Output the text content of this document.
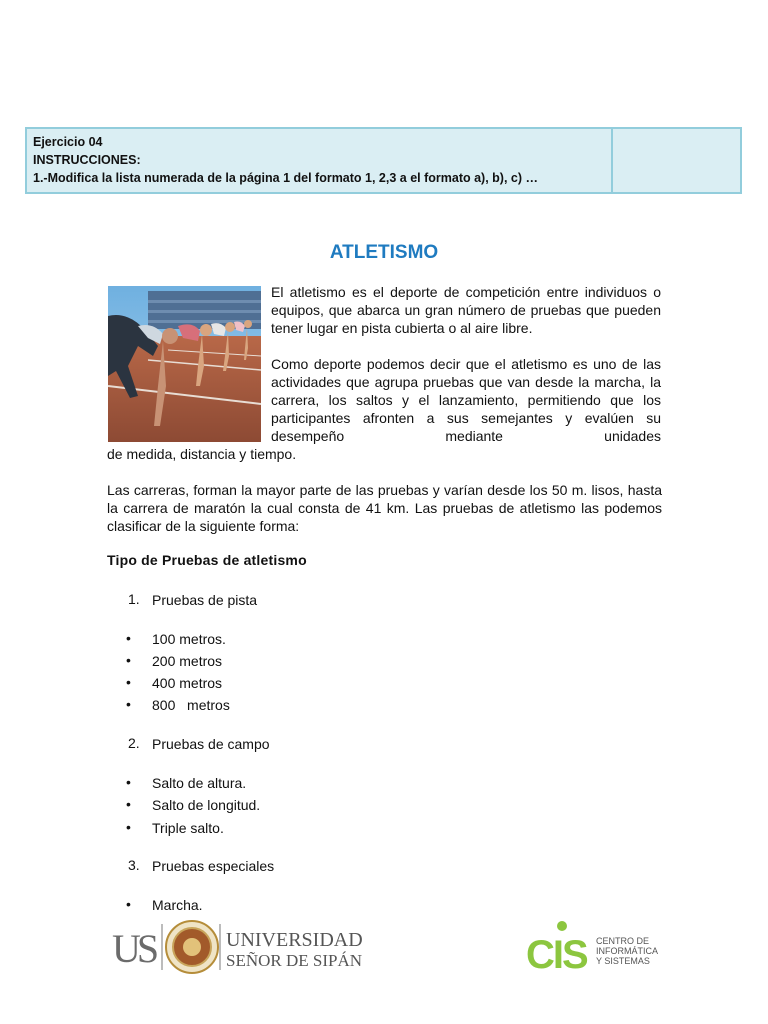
Ejercicio 04
INSTRUCCIONES:
1.-Modifica la lista numerada de la página 1 del formato 1, 2,3 a el formato a), b), c) …
ATLETISMO
El atletismo es el deporte de competición entre individuos o equipos, que abarca un gran número de pruebas que pueden tener lugar en pista cubierta o al aire libre.
Como deporte podemos decir que el atletismo es uno de las actividades que agrupa pruebas que van desde la marcha, la carrera, los saltos y el lanzamiento, permitiendo que los participantes afronten a sus semejantes y evalúen su desempeño mediante unidades
de medida, distancia y tiempo.
Las carreras, forman la mayor parte de las pruebas y varían desde los 50 m. lisos, hasta la carrera de maratón la cual consta de 41 km. Las pruebas de atletismo las podemos clasificar de la siguiente forma:
Tipo de Pruebas de atletismo
1. Pruebas de pista
• 100 metros.
• 200 metros
• 400 metros
• 800   metros
2. Pruebas de campo
• Salto de altura.
• Salto de longitud.
• Triple salto.
3. Pruebas especiales
• Marcha.
US	UNIVERSIDAD
SEÑOR DE SIPÁN	CIS CENTRO DE
INFORMÁTICA
Y SISTEMAS
